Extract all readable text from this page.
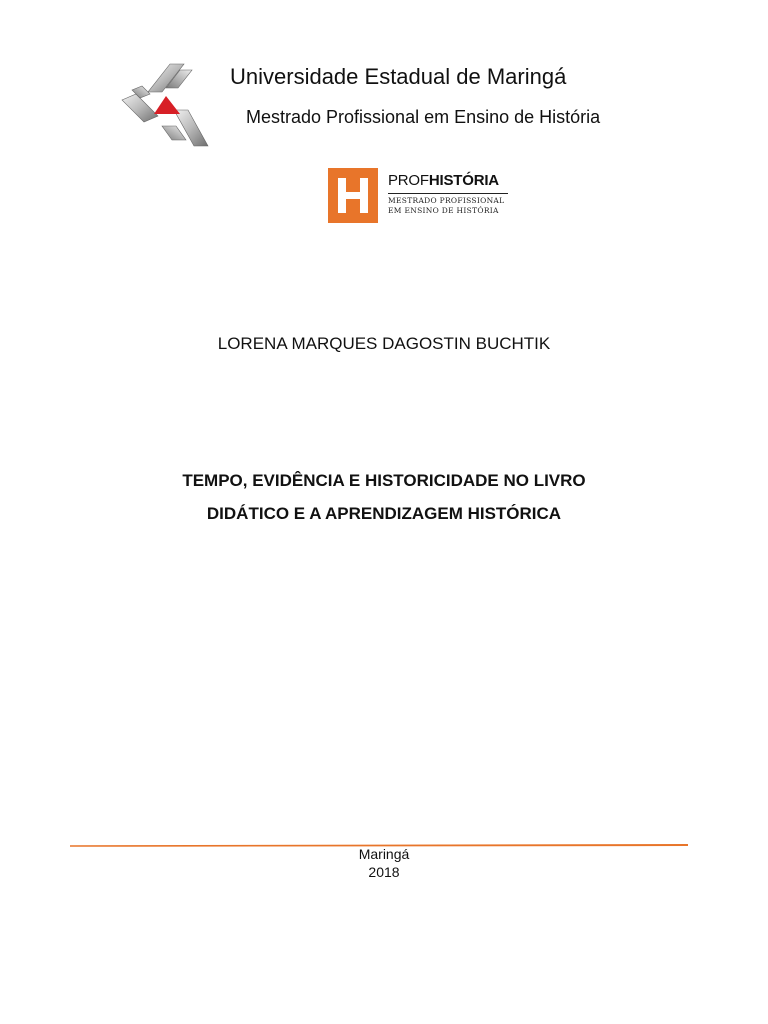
Universidade Estadual de Maringá
Mestrado Profissional em Ensino de História
PROFHISTÓRIA
MESTRADO PROFISSIONAL
EM ENSINO DE HISTÓRIA
LORENA MARQUES DAGOSTIN BUCHTIK
TEMPO, EVIDÊNCIA E HISTORICIDADE NO LIVRO
DIDÁTICO E A APRENDIZAGEM HISTÓRICA
Maringá
2018
